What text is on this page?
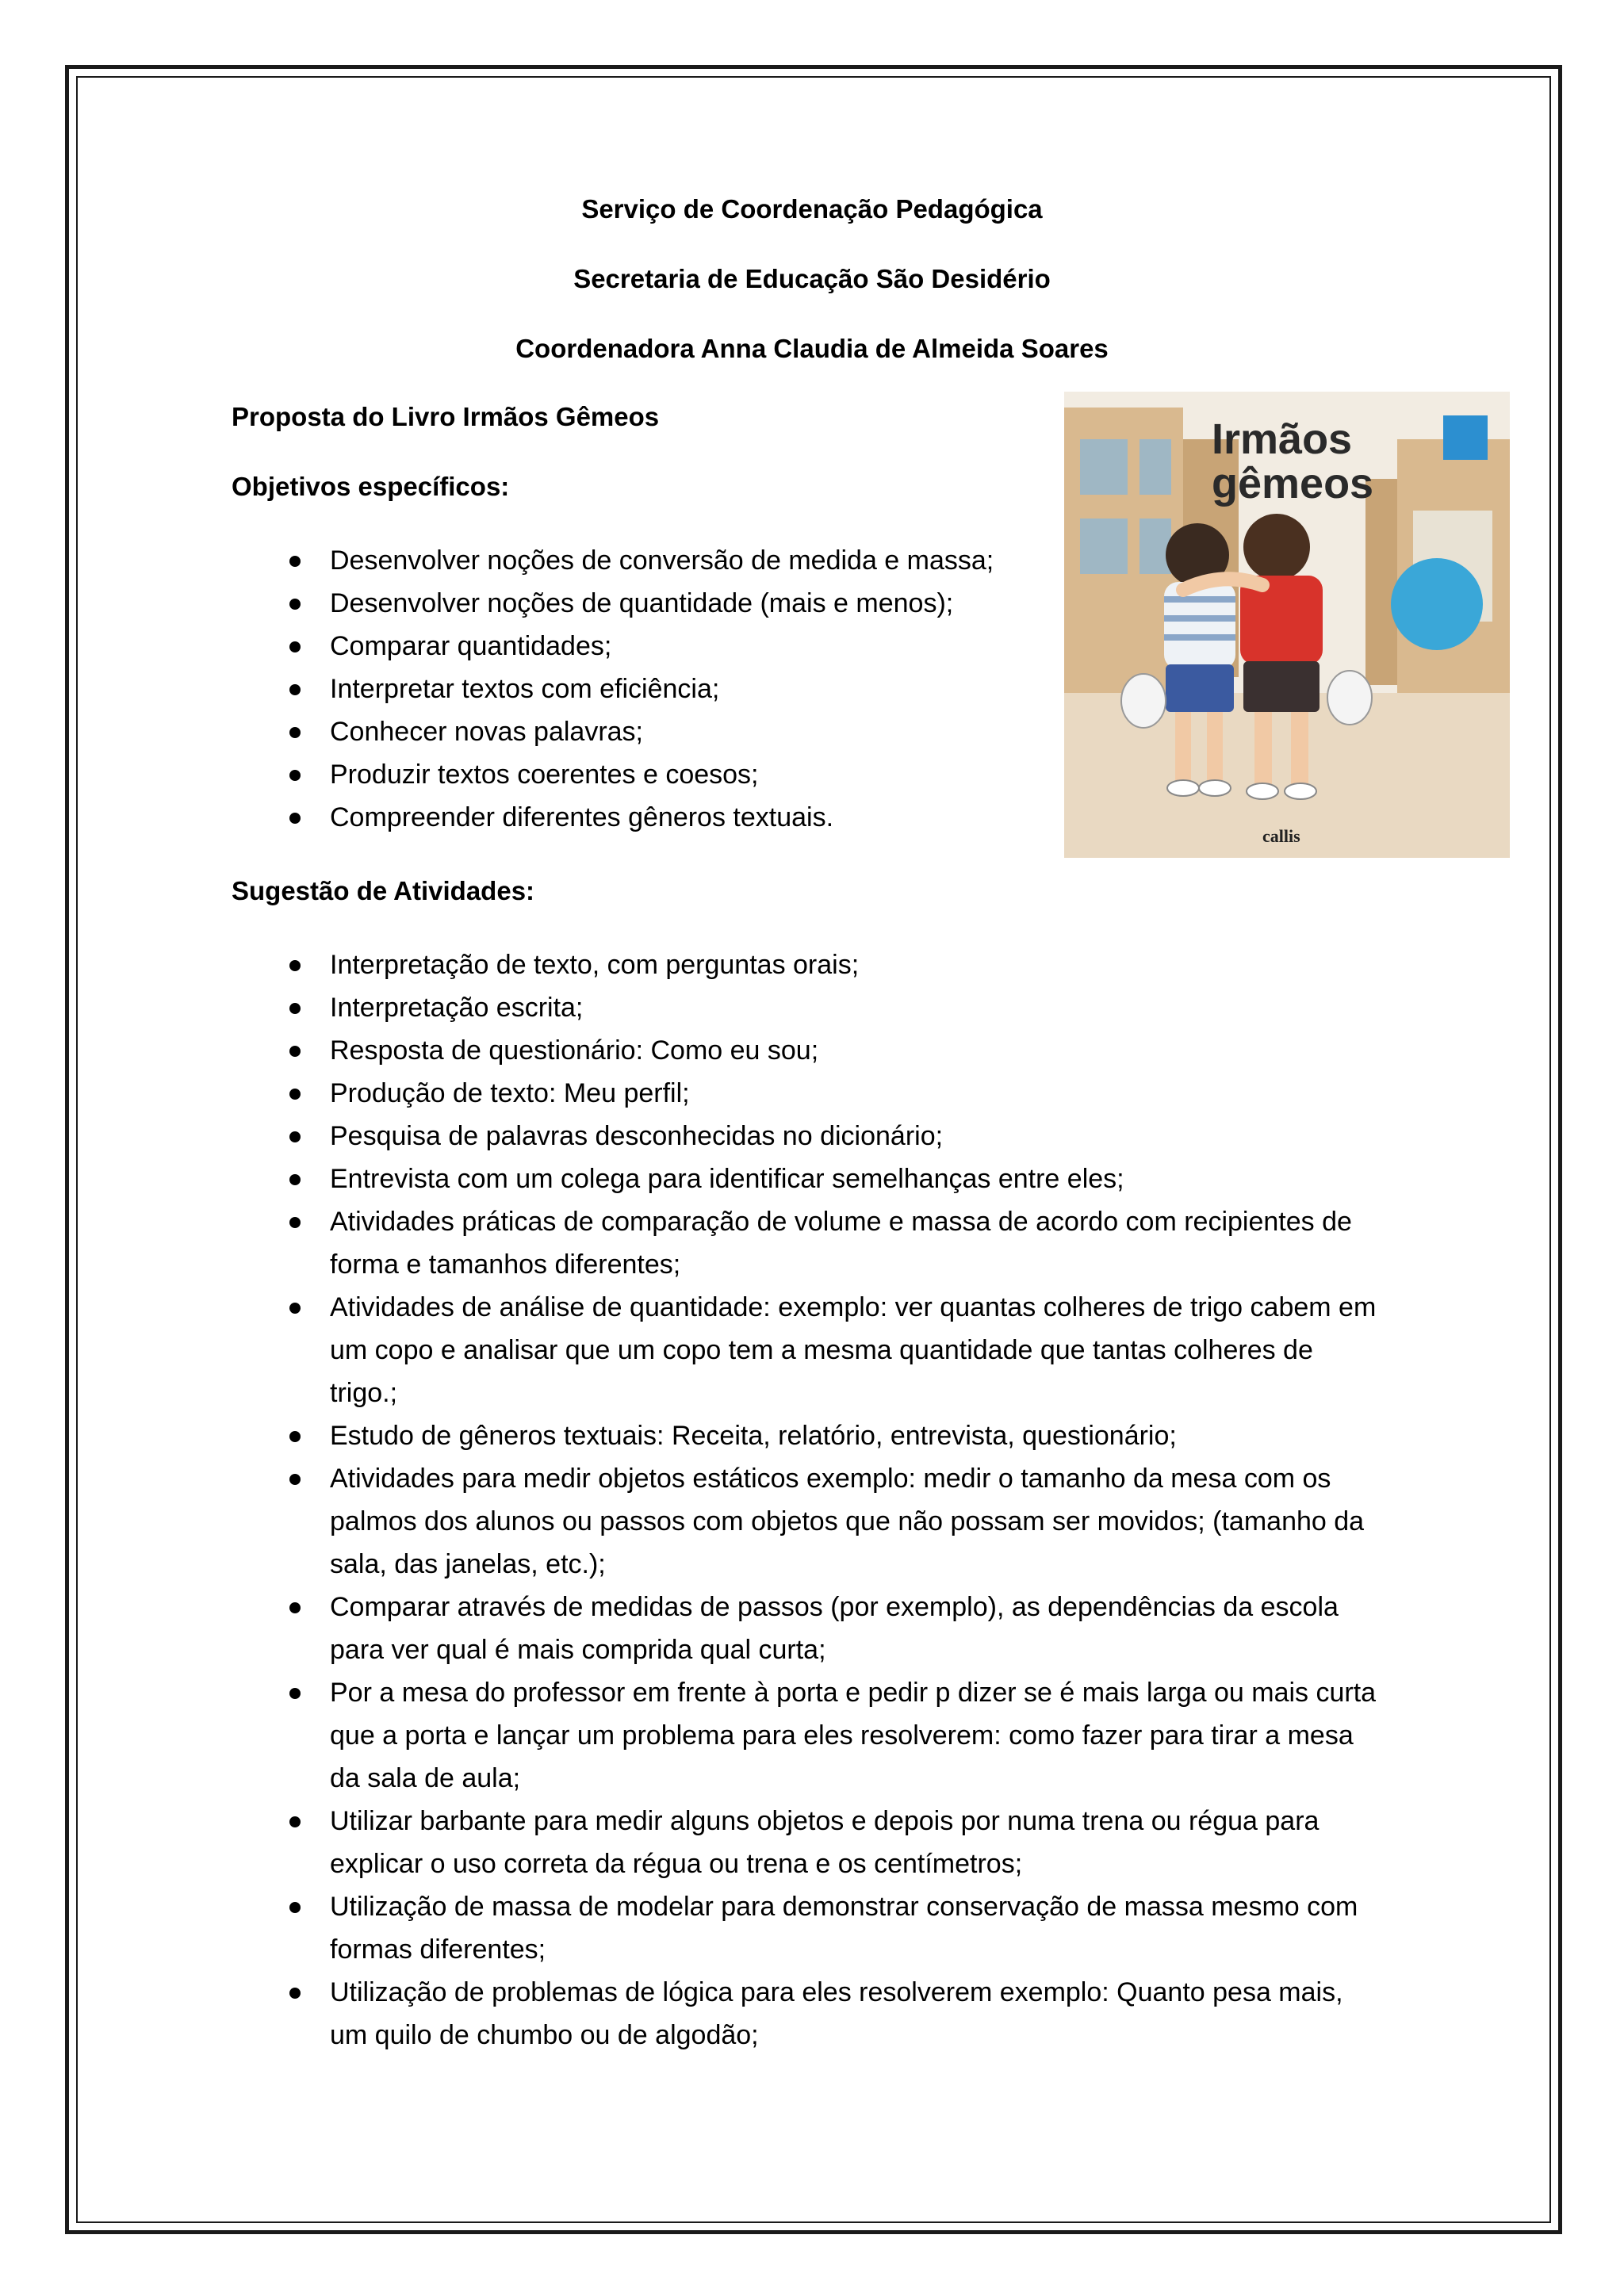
Serviço de Coordenação Pedagógica
Secretaria de Educação São Desidério
Coordenadora Anna Claudia de Almeida Soares
Proposta do Livro Irmãos Gêmeos
Objetivos específicos:
Desenvolver noções de conversão de medida e massa;
Desenvolver noções de quantidade (mais e menos);
Comparar quantidades;
Interpretar textos com eficiência;
Conhecer novas palavras;
Produzir textos coerentes e coesos;
Compreender diferentes gêneros textuais.
Sugestão de Atividades:
Interpretação de texto, com perguntas orais;
Interpretação escrita;
Resposta de questionário: Como eu sou;
Produção de texto: Meu perfil;
Pesquisa de palavras desconhecidas no dicionário;
Entrevista com um colega para identificar semelhanças entre eles;
Atividades práticas de comparação de volume e massa de acordo com recipientes de forma e tamanhos diferentes;
Atividades de análise de quantidade: exemplo: ver quantas colheres de trigo cabem em um copo e analisar que um copo tem a mesma quantidade que tantas colheres de trigo.;
Estudo de gêneros textuais: Receita, relatório, entrevista, questionário;
Atividades para medir objetos estáticos exemplo: medir o tamanho da mesa com os palmos dos alunos ou passos com objetos que não possam ser movidos; (tamanho da sala, das janelas, etc.);
Comparar através de medidas de passos (por exemplo), as dependências da escola para ver qual é mais comprida qual curta;
Por a mesa do professor em frente à porta e pedir p dizer se é mais larga ou mais curta que a porta e lançar um problema para eles resolverem: como fazer para tirar a mesa da sala de aula;
Utilizar barbante para medir alguns objetos e depois por numa trena ou régua para explicar o uso correta da régua ou trena e os centímetros;
Utilização de massa de modelar para demonstrar conservação de massa mesmo com formas diferentes;
Utilização de problemas de lógica para eles resolverem exemplo: Quanto pesa mais, um quilo de chumbo ou de algodão;
Irmãos
gêmeos
callis
